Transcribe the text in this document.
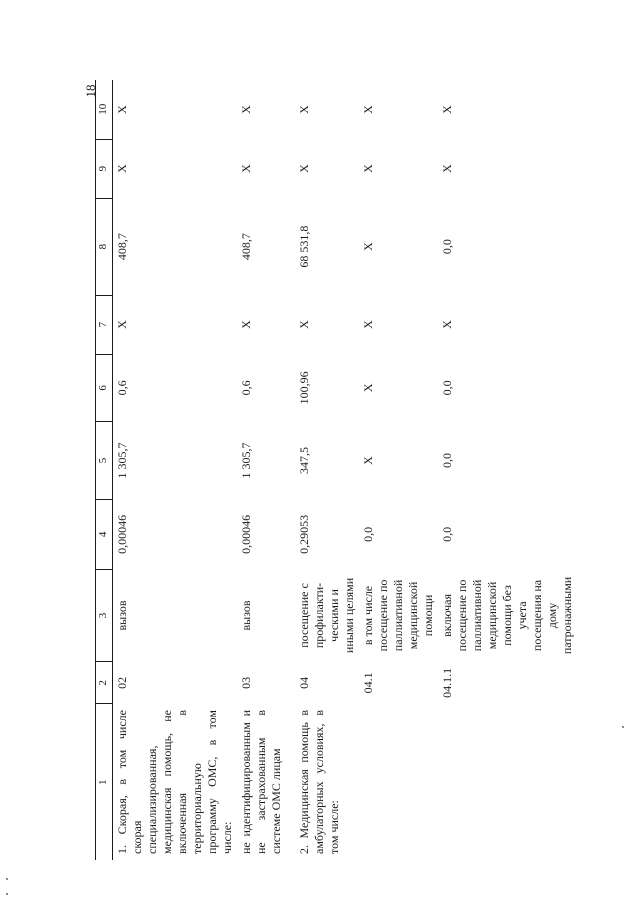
18
1	2	3	4	5	6	7	8	9	10
1. Скорая, в том числе скорая специализированная, медицинская помощь, не включенная в территориальную программу ОМС, в том числе:	02	вызов	0,00046	1 305,7	0,6	Х	408,7	Х	Х
не идентифицированным и не застрахованным в системе ОМС лицам	03	вызов	0,00046	1 305,7	0,6	Х	408,7	Х	Х
2. Медицинская помощь в амбулаторных условиях, в том числе:	04	посещение с профилакти-ческими и иными целями	0,29053	347,5	100,96	Х	68 531,8	Х	Х
	04.1	в том числе посещение по паллиативной медицинской помощи	0,0	Х	Х	Х	Х	Х	Х
	04.1.1	включая посещение по паллиативной медицинской помощи без учета посещения на дому патронажными	0,0	0,0	0,0	Х	0,0	Х	Х
